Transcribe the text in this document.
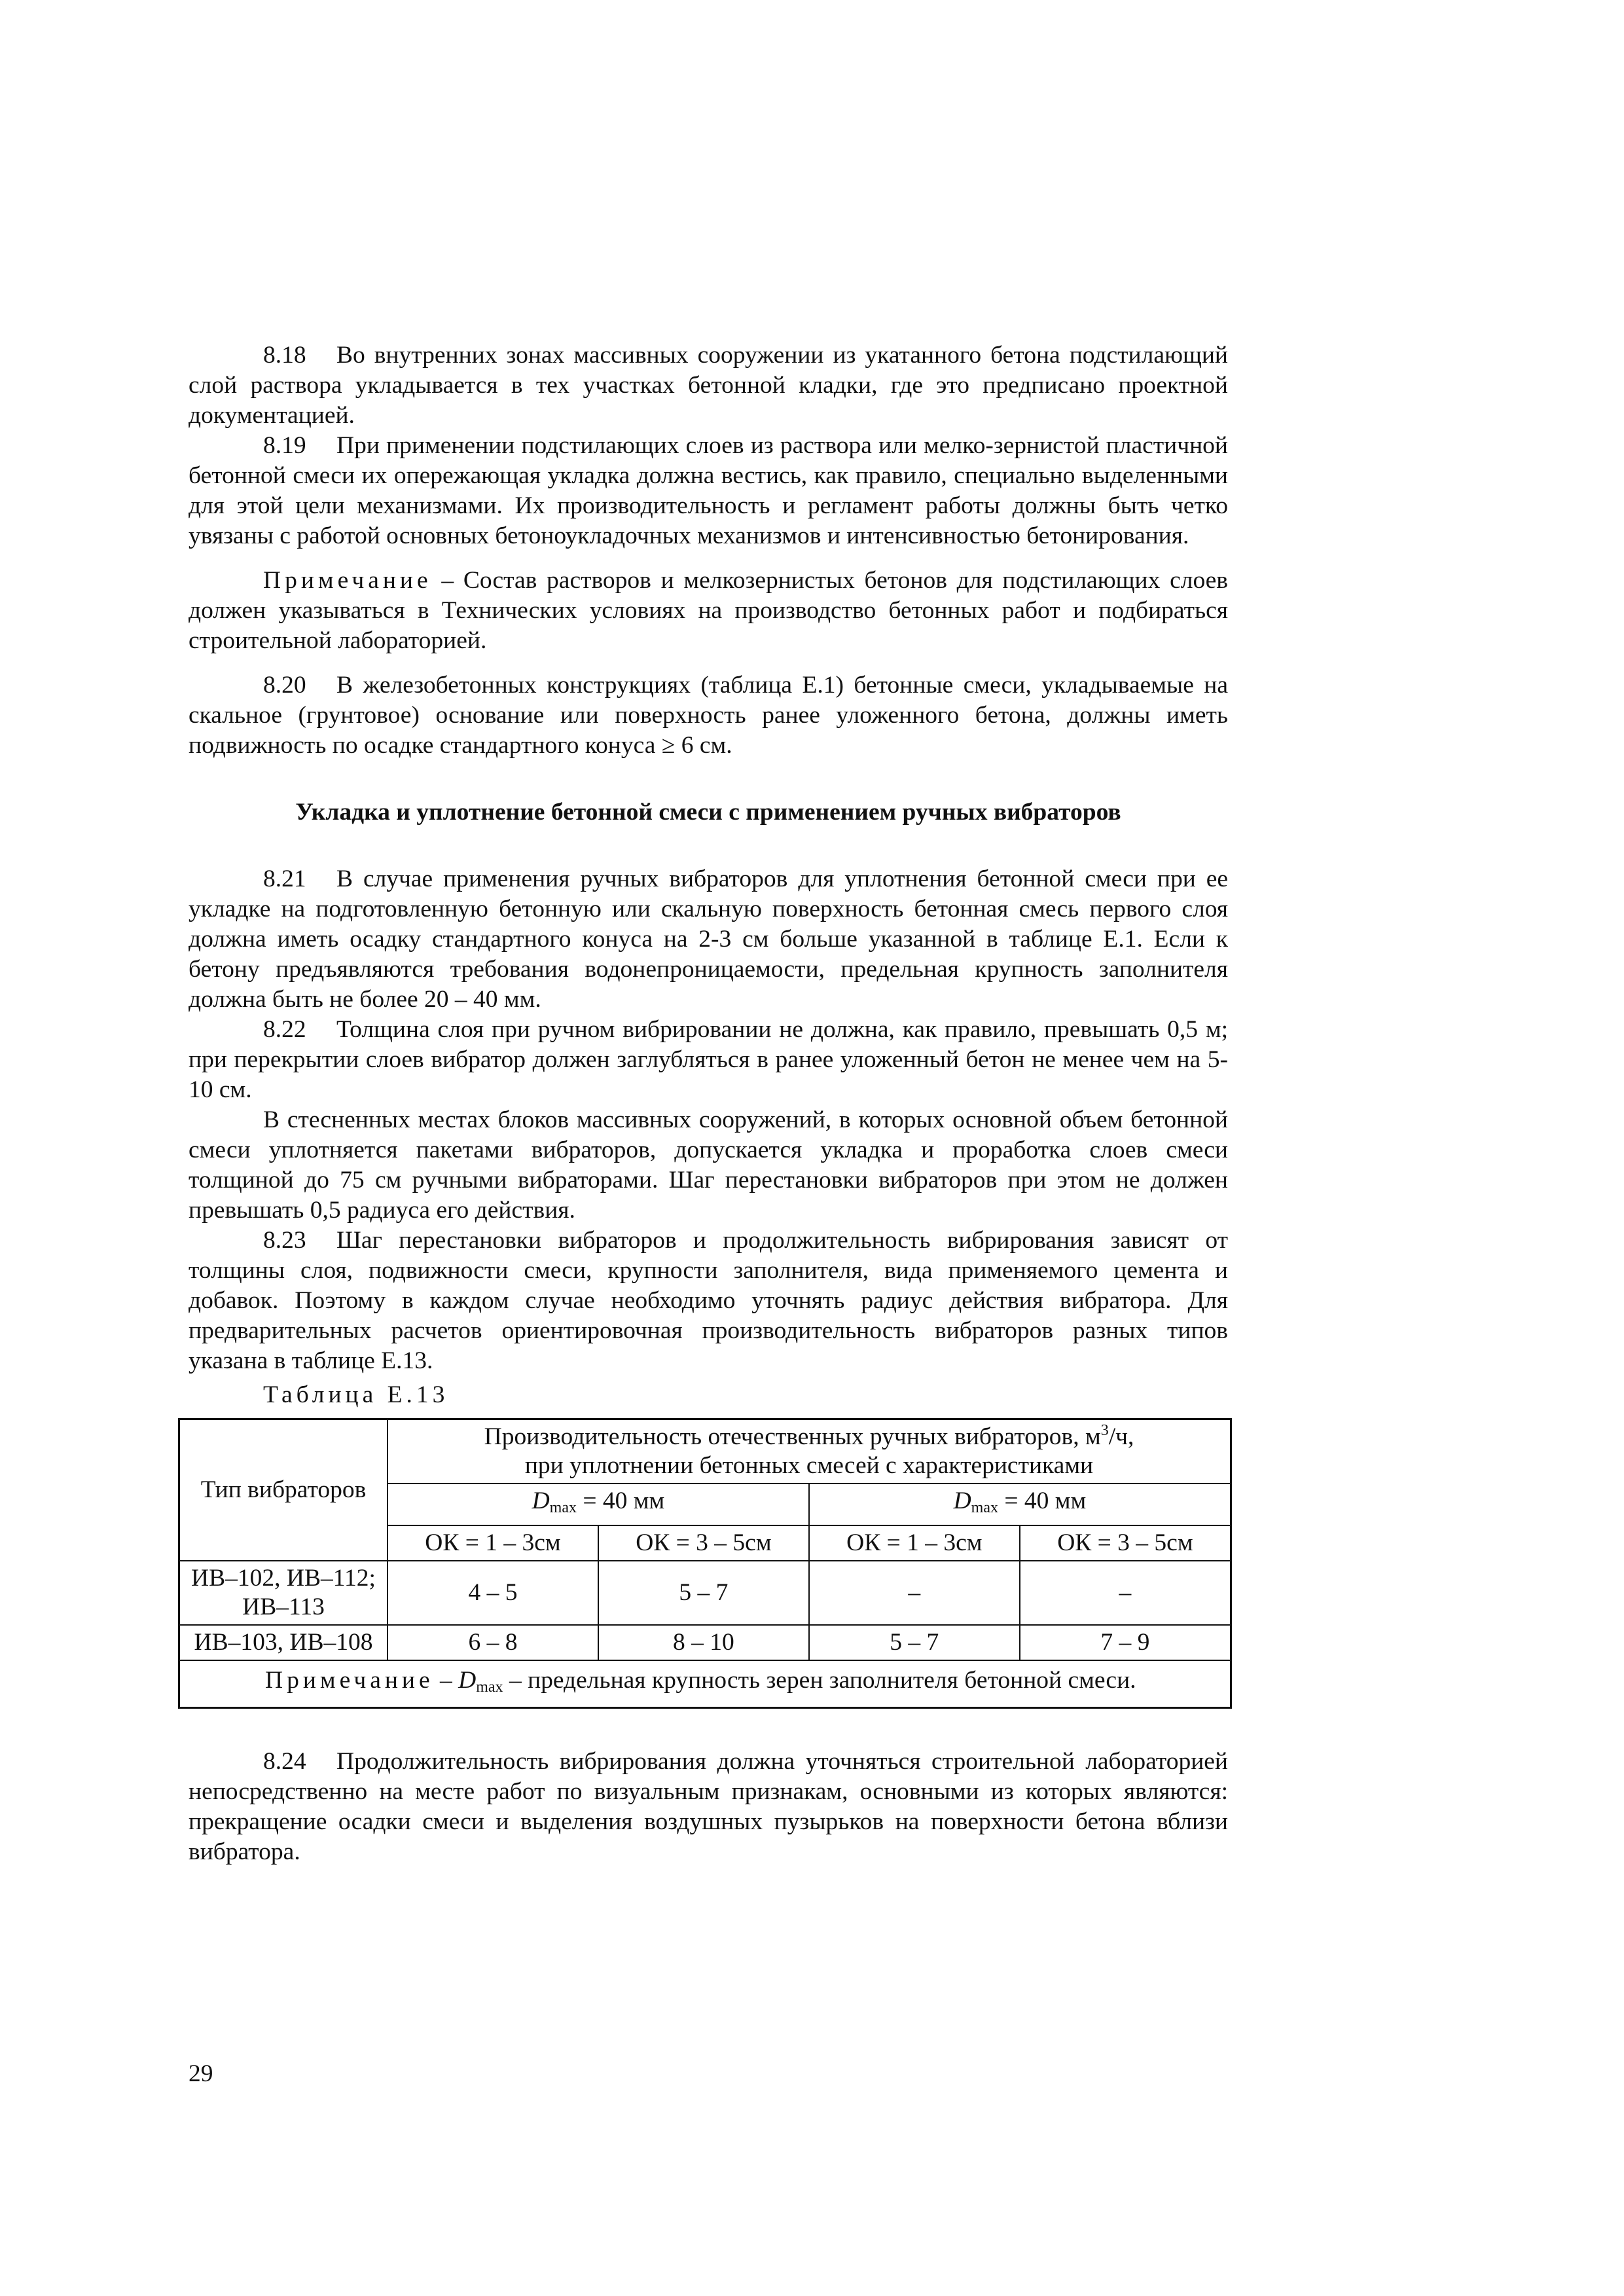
8.18 Во внутренних зонах массивных сооружении из укатанного бетона подстилающий слой раствора укладывается в тех участках бетонной кладки, где это предписано проектной документацией.

8.19 При применении подстилающих слоев из раствора или мелко-зернистой пластичной бетонной смеси их опережающая укладка должна вестись, как правило, специально выделенными для этой цели механизмами. Их производительность и регламент работы должны быть четко увязаны с работой основных бетоноукладочных механизмов и интенсивностью бетонирования.

Примечание – Состав растворов и мелкозернистых бетонов для подстилающих слоев должен указываться в Технических условиях на производство бетонных работ и подбираться строительной лабораторией.

8.20 В железобетонных конструкциях (таблица Е.1) бетонные смеси, укладываемые на скальное (грунтовое) основание или поверхность ранее уложенного бетона, должны иметь подвижность по осадке стандартного конуса ≥ 6 см.

Укладка и уплотнение бетонной смеси с применением ручных вибраторов

8.21 В случае применения ручных вибраторов для уплотнения бетонной смеси при ее укладке на подготовленную бетонную или скальную поверхность бетонная смесь первого слоя должна иметь осадку стандартного конуса на 2-3 см больше указанной в таблице Е.1. Если к бетону предъявляются требования водонепроницаемости, предельная крупность заполнителя должна быть не более 20 – 40 мм.

8.22 Толщина слоя при ручном вибрировании не должна, как правило, превышать 0,5 м; при перекрытии слоев вибратор должен заглубляться в ранее уложенный бетон не менее чем на 5-10 см.

В стесненных местах блоков массивных сооружений, в которых основной объем бетонной смеси уплотняется пакетами вибраторов, допускается укладка и проработка слоев смеси толщиной до 75 см ручными вибраторами. Шаг перестановки вибраторов при этом не должен превышать 0,5 радиуса его действия.

8.23 Шаг перестановки вибраторов и продолжительность вибрирования зависят от толщины слоя, подвижности смеси, крупности заполнителя, вида применяемого цемента и добавок. Поэтому в каждом случае необходимо уточнять радиус действия вибратора. Для предварительных расчетов ориентировочная производительность вибраторов разных типов указана в таблице Е.13.

Таблица Е.13

Тип вибраторов	Производительность отечественных ручных вибраторов, $м^3/ч$,
при уплотнении бетонных смесей с характеристиками			
	$D_{max} = 40$ мм		$D_{max} = 40$ мм	
	ОК = 1 – 3см	ОК = 3 – 5см	ОК = 1 – 3см	ОК = 3 – 5см
ИВ–102, ИВ–112;
ИВ–113	4 – 5	5 – 7	–	–
ИВ–103, ИВ–108	6 – 8	8 – 10	5 – 7	7 – 9
Примечание – $D_{max}$ – предельная крупность зерен заполнителя бетонной смеси.				

8.24 Продолжительность вибрирования должна уточняться строительной лабораторией непосредственно на месте работ по визуальным признакам, основными из которых являются: прекращение осадки смеси и выделения воздушных пузырьков на поверхности бетона вблизи вибратора.

29
